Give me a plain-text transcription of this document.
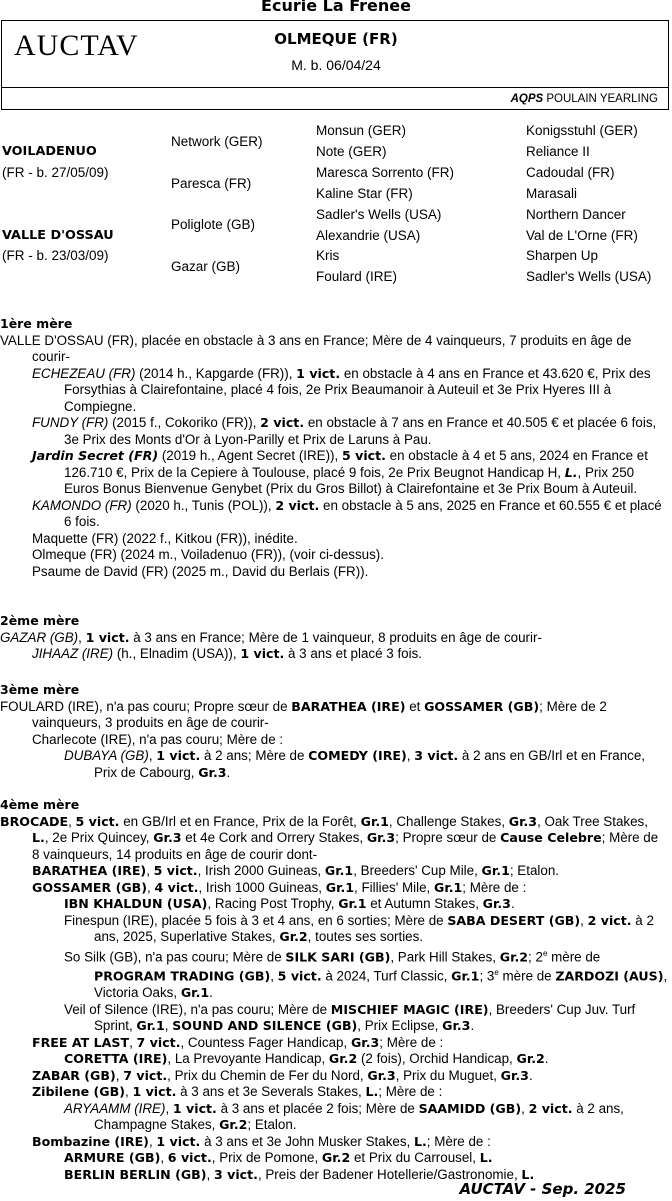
Ecurie La Frenee
AUCTAV	OLMEQUE (FR)
M. b. 06/04/24
AQPS POULAIN YEARLING
VOILADENUO
(FR - b. 27/05/09)
VALLE D'OSSAU
(FR - b. 23/03/09)
Network (GER)
Paresca (FR)
Poliglote (GB)
Gazar (GB)
Monsun (GER)
Note (GER)
Maresca Sorrento (FR)
Kaline Star (FR)
Sadler's Wells (USA)
Alexandrie (USA)
Kris
Foulard (IRE)
Konigsstuhl (GER)
Reliance II
Cadoudal (FR)
Marasali
Northern Dancer
Val de L'Orne (FR)
Sharpen Up
Sadler's Wells (USA)
1ère mère

VALLE D'OSSAU (FR), placée en obstacle à 3 ans en France; Mère de 4 vainqueurs, 7 produits en âge de courir-

ECHEZEAU (FR) (2014 h., Kapgarde (FR)), 1 vict. en obstacle à 4 ans en France et 43.620 €, Prix des Forsythias à Clairefontaine, placé 4 fois, 2e Prix Beaumanoir à Auteuil et 3e Prix Hyeres III à Compiegne.

FUNDY (FR) (2015 f., Cokoriko (FR)), 2 vict. en obstacle à 7 ans en France et 40.505 € et placée 6 fois, 3e Prix des Monts d'Or à Lyon-Parilly et Prix de Laruns à Pau.

Jardin Secret (FR) (2019 h., Agent Secret (IRE)), 5 vict. en obstacle à 4 et 5 ans, 2024 en France et 126.710 €, Prix de la Cepiere à Toulouse, placé 9 fois, 2e Prix Beugnot Handicap H, L., Prix 250 Euros Bonus Bienvenue Genybet (Prix du Gros Billot) à Clairefontaine et 3e Prix Boum à Auteuil.

KAMONDO (FR) (2020 h., Tunis (POL)), 2 vict. en obstacle à 5 ans, 2025 en France et 60.555 € et placé 6 fois.

Maquette (FR) (2022 f., Kitkou (FR)), inédite.

Olmeque (FR) (2024 m., Voiladenuo (FR)), (voir ci-dessus).

Psaume de David (FR) (2025 m., David du Berlais (FR)).

2ème mère

GAZAR (GB), 1 vict. à 3 ans en France; Mère de 1 vainqueur, 8 produits en âge de courir-

JIHAAZ (IRE) (h., Elnadim (USA)), 1 vict. à 3 ans et placé 3 fois.

3ème mère

FOULARD (IRE), n'a pas couru; Propre sœur de BARATHEA (IRE) et GOSSAMER (GB); Mère de 2 vainqueurs, 3 produits en âge de courir-

Charlecote (IRE), n'a pas couru; Mère de :

DUBAYA (GB), 1 vict. à 2 ans; Mère de COMEDY (IRE), 3 vict. à 2 ans en GB/Irl et en France, Prix de Cabourg, Gr.3.

4ème mère

BROCADE, 5 vict. en GB/Irl et en France, Prix de la Forêt, Gr.1, Challenge Stakes, Gr.3, Oak Tree Stakes, L., 2e Prix Quincey, Gr.3 et 4e Cork and Orrery Stakes, Gr.3; Propre sœur de Cause Celebre; Mère de 8 vainqueurs, 14 produits en âge de courir dont-

BARATHEA (IRE), 5 vict., Irish 2000 Guineas, Gr.1, Breeders' Cup Mile, Gr.1; Etalon.

GOSSAMER (GB), 4 vict., Irish 1000 Guineas, Gr.1, Fillies' Mile, Gr.1; Mère de :

IBN KHALDUN (USA), Racing Post Trophy, Gr.1 et Autumn Stakes, Gr.3.

Finespun (IRE), placée 5 fois à 3 et 4 ans, en 6 sorties; Mère de SABA DESERT (GB), 2 vict. à 2 ans, 2025, Superlative Stakes, Gr.2, toutes ses sorties.

So Silk (GB), n'a pas couru; Mère de SILK SARI (GB), Park Hill Stakes, Gr.2; 2e mère de PROGRAM TRADING (GB), 5 vict. à 2024, Turf Classic, Gr.1; 3e mère de ZARDOZI (AUS), Victoria Oaks, Gr.1.

Veil of Silence (IRE), n'a pas couru; Mère de MISCHIEF MAGIC (IRE), Breeders' Cup Juv. Turf Sprint, Gr.1, SOUND AND SILENCE (GB), Prix Eclipse, Gr.3.

FREE AT LAST, 7 vict., Countess Fager Handicap, Gr.3; Mère de :

CORETTA (IRE), La Prevoyante Handicap, Gr.2 (2 fois), Orchid Handicap, Gr.2.

ZABAR (GB), 7 vict., Prix du Chemin de Fer du Nord, Gr.3, Prix du Muguet, Gr.3.

Zibilene (GB), 1 vict. à 3 ans et 3e Severals Stakes, L.; Mère de :

ARYAAMM (IRE), 1 vict. à 3 ans et placée 2 fois; Mère de SAAMIDD (GB), 2 vict. à 2 ans, Champagne Stakes, Gr.2; Etalon.

Bombazine (IRE), 1 vict. à 3 ans et 3e John Musker Stakes, L.; Mère de :

ARMURE (GB), 6 vict., Prix de Pomone, Gr.2 et Prix du Carrousel, L.

BERLIN BERLIN (GB), 3 vict., Preis der Badener Hotellerie/Gastronomie, L.

AUCTAV - Sep. 2025
